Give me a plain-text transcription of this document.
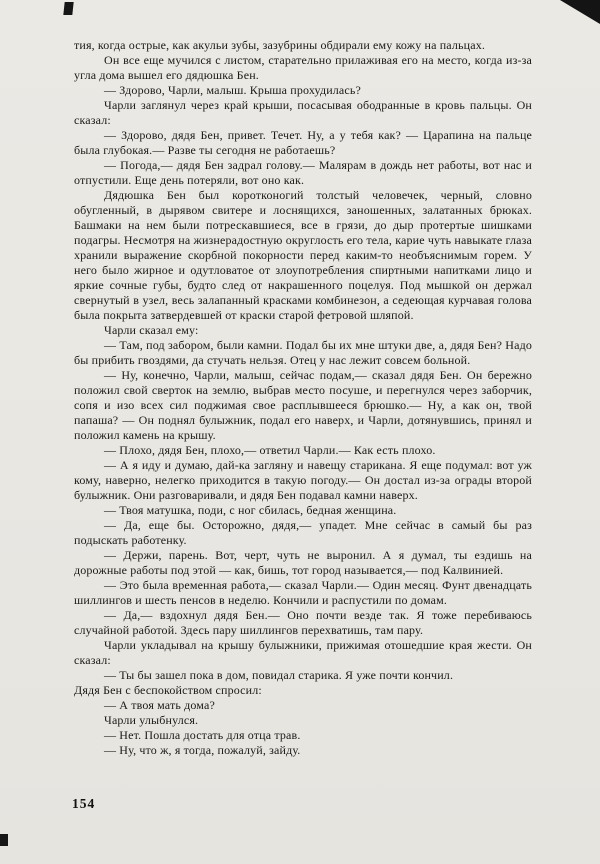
тия, когда острые, как акульи зубы, зазубрины обдирали ему кожу на пальцах.

Он все еще мучился с листом, старательно прилаживая его на место, когда из-за угла дома вышел его дядюшка Бен.

— Здорово, Чарли, малыш. Крыша прохудилась?

Чарли заглянул через край крыши, посасывая ободранные в кровь пальцы. Он сказал:

— Здорово, дядя Бен, привет. Течет. Ну, а у тебя как? — Царапина на пальце была глубокая.— Разве ты сегодня не работаешь?

— Погода,— дядя Бен задрал голову.— Малярам в дождь нет работы, вот нас и отпустили. Еще день потеряли, вот оно как.

Дядюшка Бен был коротконогий толстый человечек, черный, словно обугленный, в дырявом свитере и лоснящихся, заношенных, залатанных брюках. Башмаки на нем были потрескавшиеся, все в грязи, до дыр протертые шишками подагры. Несмотря на жизнерадостную округлость его тела, карие чуть навыкате глаза хранили выражение скорбной покорности перед каким-то необъяснимым горем. У него было жирное и одутловатое от злоупотребления спиртными напитками лицо и яркие сочные губы, будто след от накрашенного поцелуя. Под мышкой он держал свернутый в узел, весь залапанный красками комбинезон, а седеющая курчавая голова была покрыта затвердевшей от краски старой фетровой шляпой.

Чарли сказал ему:

— Там, под забором, были камни. Подал бы их мне штуки две, а, дядя Бен? Надо бы прибить гвоздями, да стучать нельзя. Отец у нас лежит совсем больной.

— Ну, конечно, Чарли, малыш, сейчас подам,— сказал дядя Бен. Он бережно положил свой сверток на землю, выбрав место посуше, и перегнулся через заборчик, сопя и изо всех сил поджимая свое расплывшееся брюшко.— Ну, а как он, твой папаша? — Он поднял булыжник, подал его наверх, и Чарли, дотянувшись, принял и положил камень на крышу.

— Плохо, дядя Бен, плохо,— ответил Чарли.— Как есть плохо.

— А я иду и думаю, дай-ка загляну и навещу старикана. Я еще подумал: вот уж кому, наверно, нелегко приходится в такую погоду.— Он достал из-за ограды второй булыжник. Они разговаривали, и дядя Бен подавал камни наверх.

— Твоя матушка, поди, с ног сбилась, бедная женщина.

— Да, еще бы. Осторожно, дядя,— упадет. Мне сейчас в самый бы раз подыскать работенку.

— Держи, парень. Вот, черт, чуть не выронил. А я думал, ты ездишь на дорожные работы под этой — как, бишь, тот город называется,— под Калвинией.

— Это была временная работа,— сказал Чарли.— Один месяц. Фунт двенадцать шиллингов и шесть пенсов в неделю. Кончили и распустили по домам.

— Да,— вздохнул дядя Бен.— Оно почти везде так. Я тоже перебиваюсь случайной работой. Здесь пару шиллингов перехватишь, там пару.

Чарли укладывал на крышу булыжники, прижимая отошедшие края жести. Он сказал:

— Ты бы зашел пока в дом, повидал старика. Я уже почти кончил.

Дядя Бен с беспокойством спросил:

— А твоя мать дома?

Чарли улыбнулся.

— Нет. Пошла достать для отца трав.

— Ну, что ж, я тогда, пожалуй, зайду.

154
